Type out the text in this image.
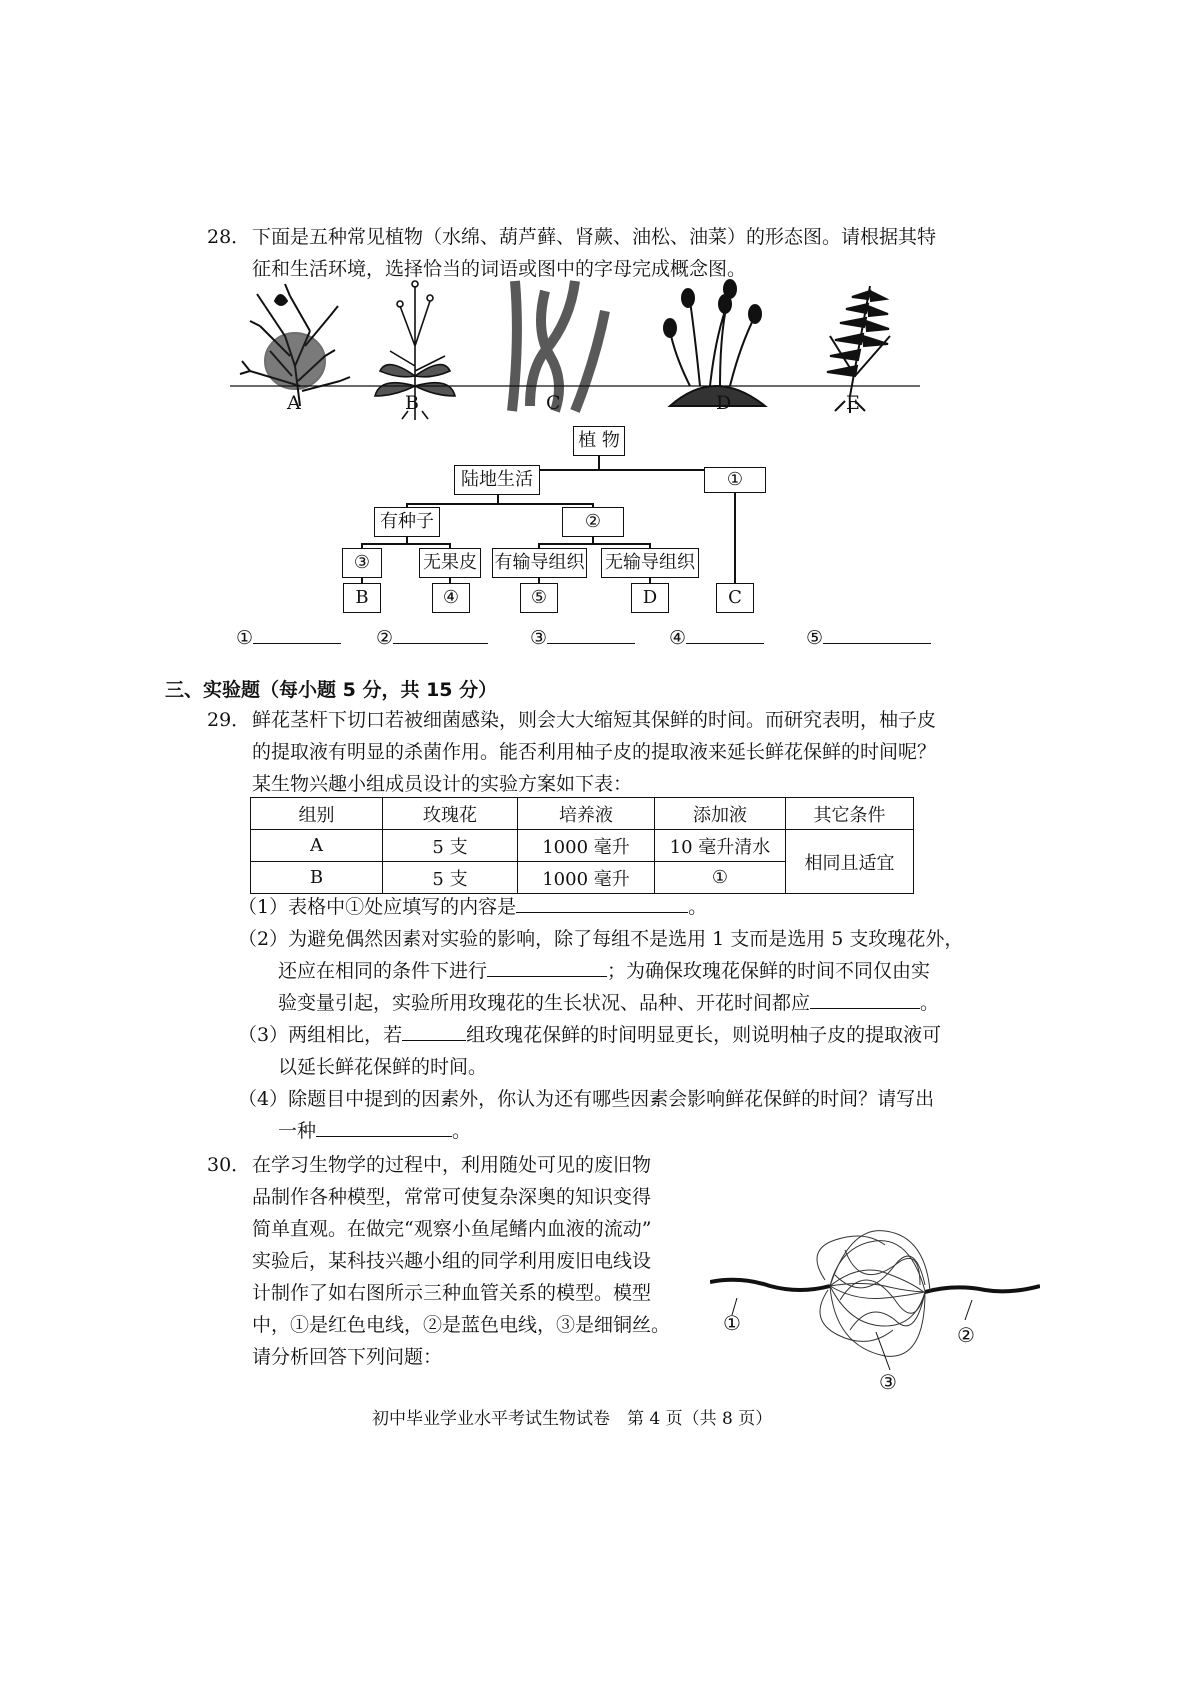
28． 下面是五种常见植物（水绵、葫芦藓、肾蕨、油松、油菜）的形态图。请根据其特
征和生活环境，选择恰当的词语或图中的字母完成概念图。
A	B	C	D	E
植 物
陆地生活	①
有种子	②
③	无果皮 有输导组织 无输导组织
B	④	⑤	D	C
①	②	③	④	⑤
三、实验题（每小题 5 分，共 15 分）
29． 鲜花茎杆下切口若被细菌感染，则会大大缩短其保鲜的时间。而研究表明，柚子皮
的提取液有明显的杀菌作用。能否利用柚子皮的提取液来延长鲜花保鲜的时间呢？
某生物兴趣小组成员设计的实验方案如下表：
组别	玫瑰花	培养液	添加液	其它条件
A	5 支	1000 毫升	10 毫升清水	相同且适宜
B	5 支	1000 毫升	①	
（1）表格中①处应填写的内容是	。
（2）为避免偶然因素对实验的影响，除了每组不是选用 1 支而是选用 5 支玫瑰花外，
还应在相同的条件下进行	；为确保玫瑰花保鲜的时间不同仅由实
验变量引起，实验所用玫瑰花的生长状况、品种、开花时间都应	。
（3）两组相比，若	组玫瑰花保鲜的时间明显更长，则说明柚子皮的提取液可
以延长鲜花保鲜的时间。
（4）除题目中提到的因素外，你认为还有哪些因素会影响鲜花保鲜的时间？请写出
一种	。
30． 在学习生物学的过程中，利用随处可见的废旧物
品制作各种模型，常常可使复杂深奥的知识变得
简单直观。在做完“观察小鱼尾鳍内血液的流动”
实验后，某科技兴趣小组的同学利用废旧电线设
计制作了如右图所示三种血管关系的模型。模型
中，①是红色电线，②是蓝色电线，③是细铜丝。
请分析回答下列问题：
①	②
③
初中毕业学业水平考试生物试卷　第 4 页（共 8 页）
